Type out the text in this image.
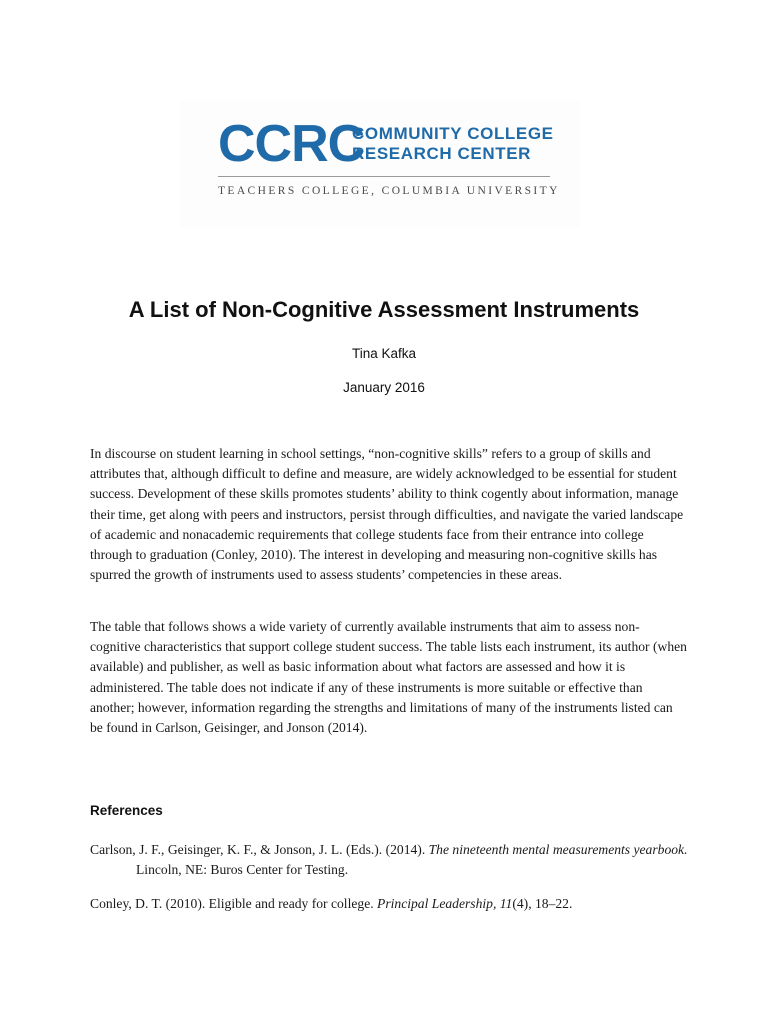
CCRC
COMMUNITY COLLEGE
RESEARCH CENTER
TEACHERS COLLEGE, COLUMBIA UNIVERSITY
A List of Non-Cognitive Assessment Instruments
Tina Kafka
January 2016

In discourse on student learning in school settings, “non-cognitive skills” refers to a group of skills and attributes that, although difficult to define and measure, are widely acknowledged to be essential for student success. Development of these skills promotes students’ ability to think cogently about information, manage their time, get along with peers and instructors, persist through difficulties, and navigate the varied landscape of academic and nonacademic requirements that college students face from their entrance into college through to graduation (Conley, 2010). The interest in developing and measuring non-cognitive skills has spurred the growth of instruments used to assess students’ competencies in these areas.

The table that follows shows a wide variety of currently available instruments that aim to assess non-cognitive characteristics that support college student success. The table lists each instrument, its author (when available) and publisher, as well as basic information about what factors are assessed and how it is administered. The table does not indicate if any of these instruments is more suitable or effective than another; however, information regarding the strengths and limitations of many of the instruments listed can be found in Carlson, Geisinger, and Jonson (2014).

References

Carlson, J. F., Geisinger, K. F., & Jonson, J. L. (Eds.). (2014). The nineteenth mental measurements yearbook. Lincoln, NE: Buros Center for Testing.

Conley, D. T. (2010). Eligible and ready for college. Principal Leadership, 11(4), 18–22.
